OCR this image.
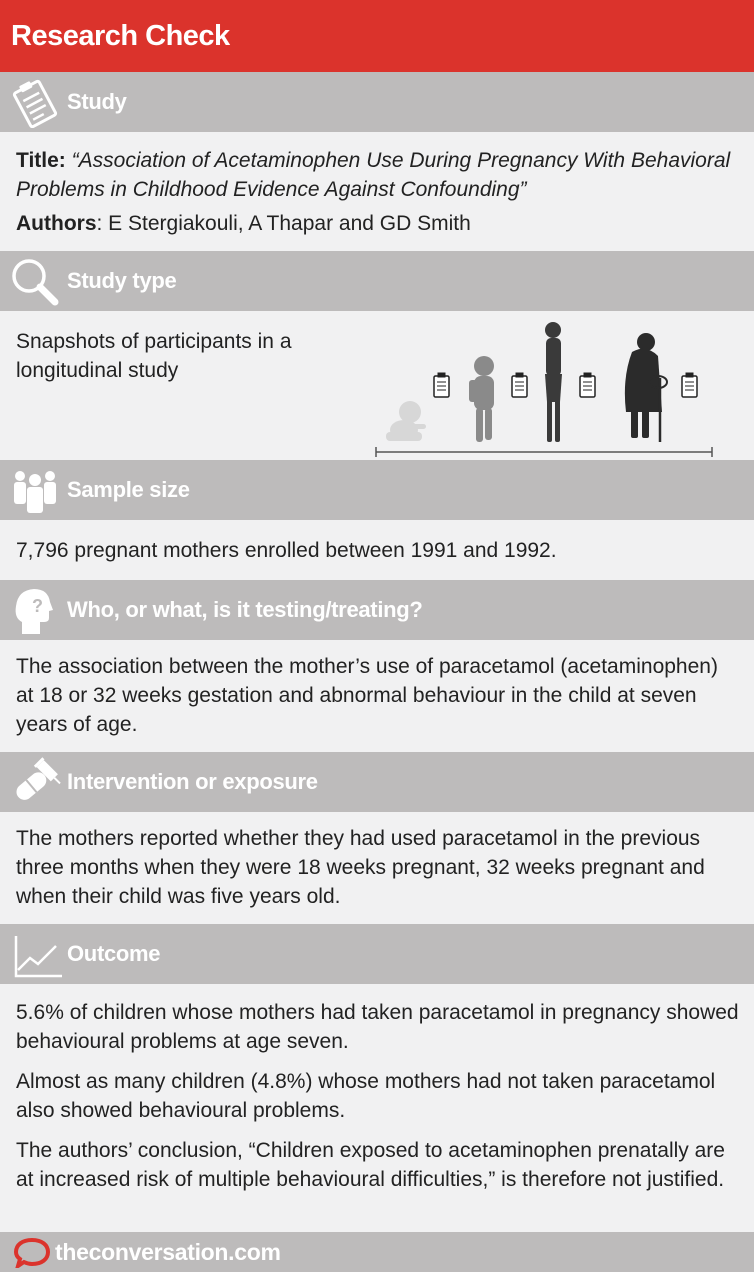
Research Check
Study

Title: “Association of Acetaminophen Use During Pregnancy With Behavioral Problems in Childhood Evidence Against Confounding”

Authors: E Stergiakouli, A Thapar and GD Smith

Study type

Snapshots of participants in a longitudinal study

Sample size

7,796 pregnant mothers enrolled between 1991 and 1992.

? Who, or what, is it testing/treating?

The association between the mother’s use of paracetamol (acetaminophen) at 18 or 32 weeks gestation and abnormal behaviour in the child at seven years of age.

Intervention or exposure

The mothers reported whether they had used paracetamol in the previous three months when they were 18 weeks pregnant, 32 weeks pregnant and when their child was five years old.

Outcome

5.6% of children whose mothers had taken paracetamol in pregnancy showed behavioural problems at age seven.

Almost as many children (4.8%) whose mothers had not taken paracetamol also showed behavioural problems.

The authors’ conclusion, “Children exposed to acetaminophen prenatally are at increased risk of multiple behavioural difficulties,” is therefore not justified.

theconversation.com
